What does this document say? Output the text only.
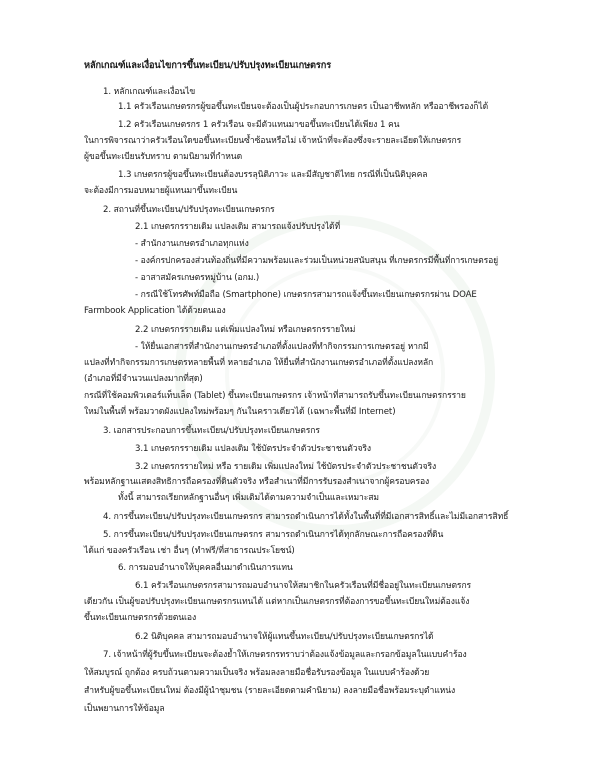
หลักเกณฑ์และเงื่อนไขการขึ้นทะเบียน/ปรับปรุงทะเบียนเกษตรกร
1. หลักเกณฑ์และเงื่อนไข
1.1 ครัวเรือนเกษตรกรผู้ขอขึ้นทะเบียนจะต้องเป็นผู้ประกอบการเกษตร เป็นอาชีพหลัก หรืออาชีพรองก็ได้
1.2 ครัวเรือนเกษตรกร 1 ครัวเรือน จะมีตัวแทนมาขอขึ้นทะเบียนได้เพียง 1 คน
ในการพิจารณาว่าครัวเรือนใดขอขึ้นทะเบียนซ้ำซ้อนหรือไม่ เจ้าหน้าที่จะต้องซึ่งจะรายละเอียดให้เกษตรกร
ผู้ขอขึ้นทะเบียนรับทราบ ตามนิยามที่กำหนด
1.3 เกษตรกรผู้ขอขึ้นทะเบียนต้องบรรลุนิติภาวะ และมีสัญชาติไทย กรณีที่เป็นนิติบุคคล
จะต้องมีการมอบหมายผู้แทนมาขึ้นทะเบียน
2. สถานที่ขึ้นทะเบียน/ปรับปรุงทะเบียนเกษตรกร
2.1 เกษตรกรรายเดิม แปลงเดิม สามารถแจ้งปรับปรุงได้ที่
- สำนักงานเกษตรอำเภอทุกแห่ง
- องค์กรปกครองส่วนท้องถิ่นที่มีความพร้อมและร่วมเป็นหน่วยสนับสนุน ที่เกษตรกรมีพื้นที่การเกษตรอยู่
- อาสาสมัครเกษตรหมู่บ้าน (อกม.)
- กรณีใช้โทรศัพท์มือถือ (Smartphone) เกษตรกรสามารถแจ้งขึ้นทะเบียนเกษตรกรผ่าน DOAE
Farmbook Application ได้ด้วยตนเอง
2.2 เกษตรกรรายเดิม แต่เพิ่มแปลงใหม่ หรือเกษตรกรรายใหม่
- ให้ยื่นเอกสารที่สำนักงานเกษตรอำเภอที่ตั้งแปลงที่ทำกิจกรรมการเกษตรอยู่ หากมี
แปลงที่ทำกิจกรรมการเกษตรหลายพื้นที่ หลายอำเภอ ให้ยื่นที่สำนักงานเกษตรอำเภอที่ตั้งแปลงหลัก
(อำเภอที่มีจำนวนแปลงมากที่สุด)
กรณีที่ใช้คอมพิวเตอร์แท็บเล็ต (Tablet) ขึ้นทะเบียนเกษตรกร เจ้าหน้าที่สามารถรับขึ้นทะเบียนเกษตรกรราย
ใหม่ในพื้นที่ พร้อมวาดผังแปลงใหม่พร้อมๆ กันในคราวเดียวได้ (เฉพาะพื้นที่มี Internet)
3. เอกสารประกอบการขึ้นทะเบียน/ปรับปรุงทะเบียนเกษตรกร
3.1 เกษตรกรรายเดิม แปลงเดิม ใช้บัตรประจำตัวประชาชนตัวจริง
3.2 เกษตรกรรายใหม่ หรือ รายเดิม เพิ่มแปลงใหม่ ใช้บัตรประจำตัวประชาชนตัวจริง
พร้อมหลักฐานแสดงสิทธิการถือครองที่ดินตัวจริง หรือสำเนาที่มีการรับรองสำเนาจากผู้ครอบครอง
ทั้งนี้ สามารถเรียกหลักฐานอื่นๆ เพิ่มเติมได้ตามความจำเป็นและเหมาะสม
4. การขึ้นทะเบียน/ปรับปรุงทะเบียนเกษตรกร สามารถดำเนินการได้ทั้งในพื้นที่ที่มีเอกสารสิทธิ์และไม่มีเอกสารสิทธิ์
5. การขึ้นทะเบียน/ปรับปรุงทะเบียนเกษตรกร สามารถดำเนินการได้ทุกลักษณะการถือครองที่ดิน
ได้แก่ ของครัวเรือน เช่า อื่นๆ (ทำฟรี/ที่สาธารณประโยชน์)
6. การมอบอำนาจให้บุคคลอื่นมาดำเนินการแทน
6.1 ครัวเรือนเกษตรกรสามารถมอบอำนาจให้สมาชิกในครัวเรือนที่มีชื่ออยู่ในทะเบียนเกษตรกร
เดียวกัน เป็นผู้ขอปรับปรุงทะเบียนเกษตรกรแทนได้ แต่หากเป็นเกษตรกรที่ต้องการขอขึ้นทะเบียนใหม่ต้องแจ้ง
ขึ้นทะเบียนเกษตรกรด้วยตนเอง
6.2 นิติบุคคล สามารถมอบอำนาจให้ผู้แทนขึ้นทะเบียน/ปรับปรุงทะเบียนเกษตรกรได้
7. เจ้าหน้าที่ผู้รับขึ้นทะเบียนจะต้องย้ำให้เกษตรกรทราบว่าต้องแจ้งข้อมูลและกรอกข้อมูลในแบบคำร้อง
ให้สมบูรณ์ ถูกต้อง ครบถ้วนตามความเป็นจริง พร้อมลงลายมือชื่อรับรองข้อมูล ในแบบคำร้องด้วย
สำหรับผู้ขอขึ้นทะเบียนใหม่ ต้องมีผู้นำชุมชน (รายละเอียดตามคำนิยาม) ลงลายมือชื่อพร้อมระบุตำแหน่ง
เป็นพยานการให้ข้อมูล
